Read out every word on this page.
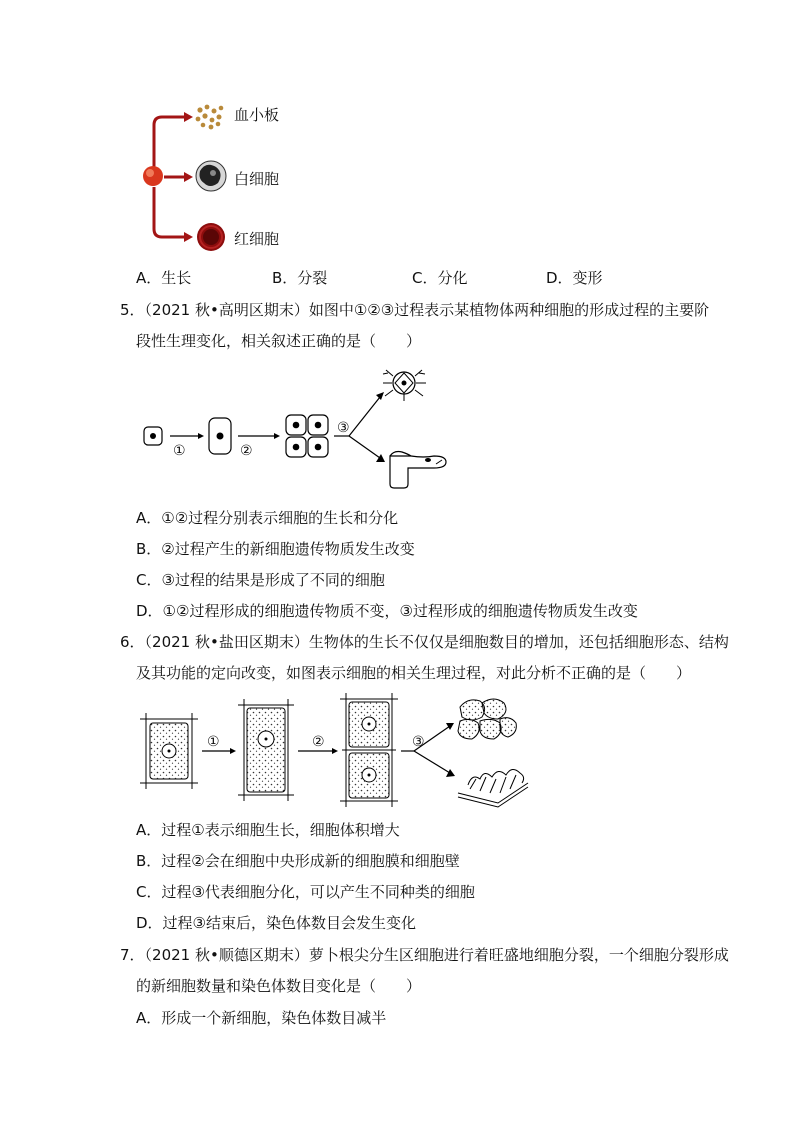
血小板
白细胞
红细胞
A．生长	B．分裂	C．分化	D．变形
5．（2021 秋•高明区期末）如图中①②③过程表示某植物体两种细胞的形成过程的主要阶
段性生理变化，相关叙述正确的是（　　）
①	②
③
A．①②过程分别表示细胞的生长和分化
B．②过程产生的新细胞遗传物质发生改变
C．③过程的结果是形成了不同的细胞
D．①②过程形成的细胞遗传物质不变，③过程形成的细胞遗传物质发生改变
6．（2021 秋•盐田区期末）生物体的生长不仅仅是细胞数目的增加，还包括细胞形态、结构
及其功能的定向改变，如图表示细胞的相关生理过程，对此分析不正确的是（　　）
①	②	③
A．过程①表示细胞生长，细胞体积增大
B．过程②会在细胞中央形成新的细胞膜和细胞壁
C．过程③代表细胞分化，可以产生不同种类的细胞
D．过程③结束后，染色体数目会发生变化
7．（2021 秋•顺德区期末）萝卜根尖分生区细胞进行着旺盛地细胞分裂，一个细胞分裂形成
的新细胞数量和染色体数目变化是（　　）
A．形成一个新细胞，染色体数目减半
